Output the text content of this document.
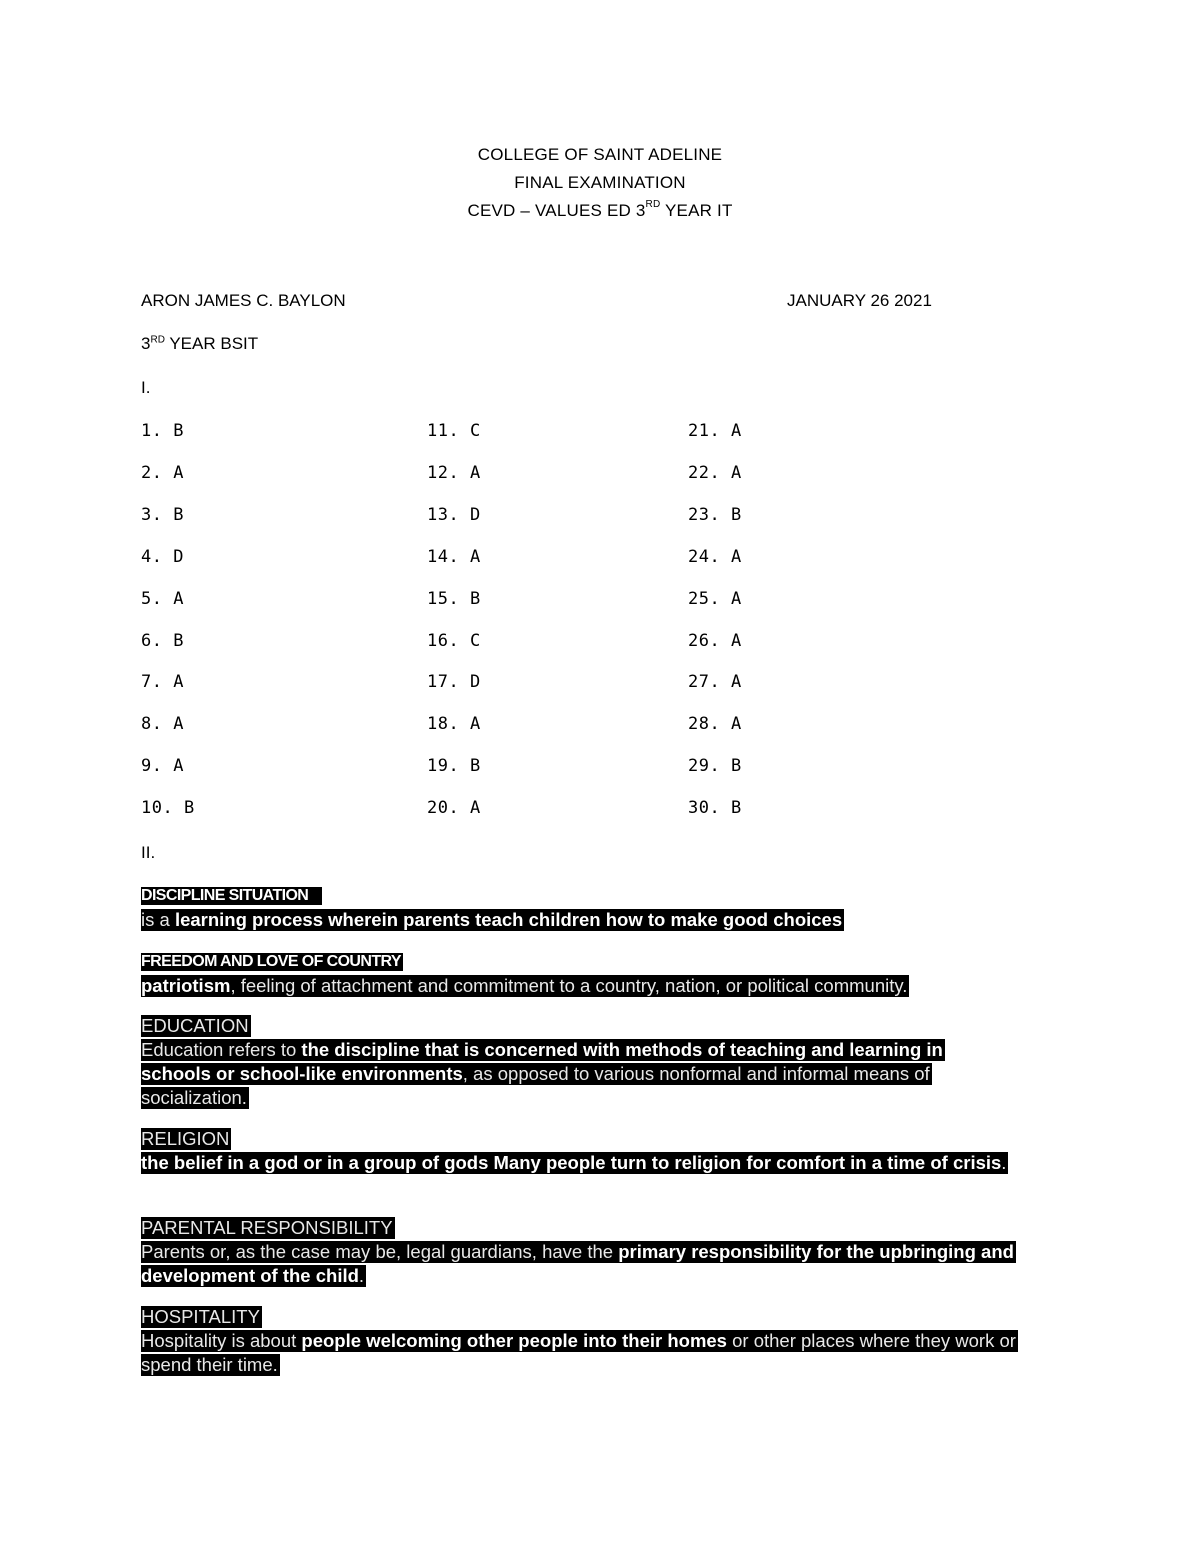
COLLEGE OF SAINT ADELINE
FINAL EXAMINATION
CEVD – VALUES ED 3RD YEAR IT
ARON JAMES C. BAYLON	JANUARY 26 2021
3RD YEAR BSIT
I.
1. B
2. A
3. B
4. D
5. A
6. B
7. A
8. A
9. A
10. B
11. C
12. A
13. D
14. A
15. B
16. C
17. D
18. A
19. B
20. A
21. A
22. A
23. B
24. A
25. A
26. A
27. A
28. A
29. B
30. B
II.
DISCIPLINE SITUATION
is a learning process wherein parents teach children how to make good choices
FREEDOM AND LOVE OF COUNTRY
patriotism, feeling of attachment and commitment to a country, nation, or political community.
EDUCATION
Education refers to the discipline that is concerned with methods of teaching and learning in schools or school-like environments, as opposed to various nonformal and informal means of socialization.
RELIGION
the belief in a god or in a group of gods Many people turn to religion for comfort in a time of crisis.
PARENTAL RESPONSIBILITY
Parents or, as the case may be, legal guardians, have the primary responsibility for the upbringing and development of the child.
HOSPITALITY
Hospitality is about people welcoming other people into their homes or other places where they work or spend their time.
